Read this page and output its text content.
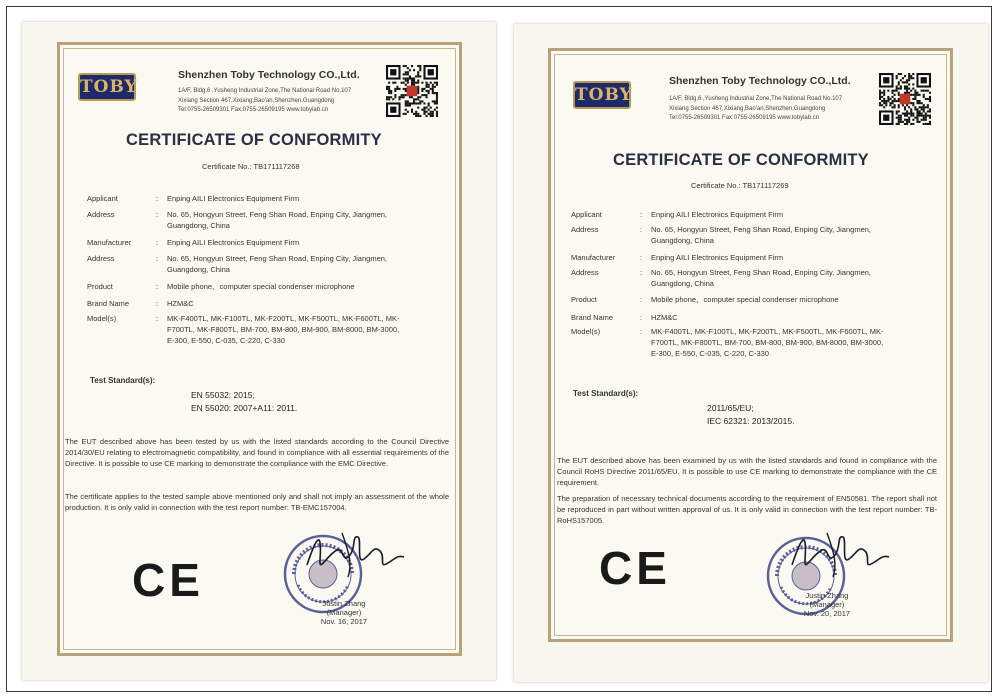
TOBY
Shenzhen Toby Technology CO.,Ltd.
1A/F, Bldg.6 ,Yusheng Industrial Zone,The National Road No.107
Xixiang Section 467,Xixiang,Bao'an,Shenzhen,Guangdong
Tel:0755-26509301 Fax:0755-26509195 www.tobylab.cn
CERTIFICATE OF CONFORMITY
Certificate No.: TB171117268
Applicant	: Enping AILI Electronics Equipment Firm
Address	: No. 65, Hongyun Street, Feng Shan Road, Enping City, Jiangmen, Guangdong, China
Manufacturer	: Enping AILI Electronics Equipment Firm
Address	: No. 65, Hongyun Street, Feng Shan Road, Enping City, Jiangmen, Guangdong, China
Product	: Mobile phone、computer special condenser microphone
Brand Name	: HZM&C
Model(s)	: MK-F400TL, MK-F100TL, MK-F200TL, MK-F500TL, MK-F600TL, MK-F700TL, MK-F800TL, BM-700, BM-800, BM-900, BM-8000, BM-3000, E-300, E-550, C-035, C-220, C-330
Test Standard(s):
EN 55032: 2015;
EN 55020: 2007+A11: 2011.
The EUT described above has been tested by us with the listed standards according to the Council Directive 2014/30/EU relating to electromagnetic compatibility, and found in compliance with all essential requirements of the Directive. It is possible to use CE marking to demonstrate the compliance with the EMC Directive.
The certificate applies to the tested sample above mentioned only and shall not imply an assessment of the whole production. It is only valid in connection with the test report number: TB-EMC157004.
CE	Justin Zhang
(Manager)
Nov. 16, 2017
TOBY
Shenzhen Toby Technology CO.,Ltd.
1A/F, Bldg.6 ,Yusheng Industrial Zone,The National Road No.107
Xixiang Section 467,Xixiang,Bao'an,Shenzhen,Guangdong
Tel:0755-26509301 Fax:0755-26509195 www.tobylab.cn
CERTIFICATE OF CONFORMITY
Certificate No.: TB171117269
Applicant	: Enping AILI Electronics Equipment Firm
Address	: No. 65, Hongyun Street, Feng Shan Road, Enping City, Jiangmen, Guangdong, China
Manufacturer	: Enping AILI Electronics Equipment Firm
Address	: No. 65, Hongyun Street, Feng Shan Road, Enping City, Jiangmen, Guangdong, China
Product	: Mobile phone、computer special condenser microphone
Brand Name	: HZM&C
Model(s)	: MK-F400TL, MK-F100TL, MK-F200TL, MK-F500TL, MK-F600TL, MK-F700TL, MK-F800TL, BM-700, BM-800, BM-900, BM-8000, BM-3000, E-300, E-550, C-035, C-220, C-330
Test Standard(s):
2011/65/EU;
IEC 62321: 2013/2015.
The EUT described above has been examined by us with the listed standards and found in compliance with the Council RoHS Directive 2011/65/EU. It is possible to use CE marking to demonstrate the compliance with the CE requirement.
The preparation of necessary technical documents according to the requirement of EN50581. The report shall not be reproduced in part without written approval of us. It is only valid in connection with the test report number: TB-RoHS157005.
CE
Justin Zhang
(Manager)
Nov. 20, 2017
